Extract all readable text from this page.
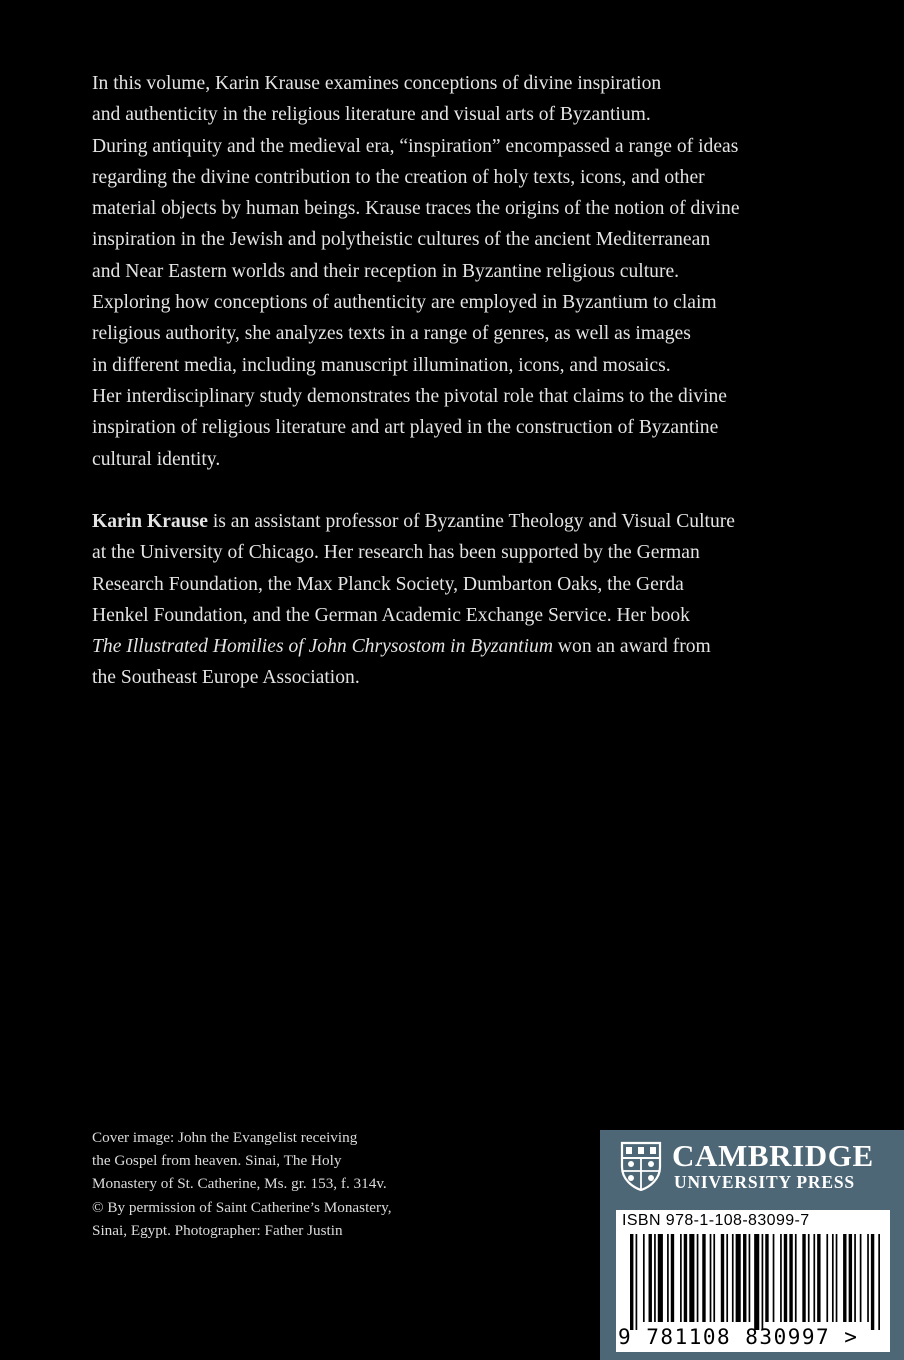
In this volume, Karin Krause examines conceptions of divine inspiration
and authenticity in the religious literature and visual arts of Byzantium.
During antiquity and the medieval era, “inspiration” encompassed a range of ideas
regarding the divine contribution to the creation of holy texts, icons, and other
material objects by human beings. Krause traces the origins of the notion of divine
inspiration in the Jewish and polytheistic cultures of the ancient Mediterranean
and Near Eastern worlds and their reception in Byzantine religious culture.
Exploring how conceptions of authenticity are employed in Byzantium to claim
religious authority, she analyzes texts in a range of genres, as well as images
in different media, including manuscript illumination, icons, and mosaics.
Her interdisciplinary study demonstrates the pivotal role that claims to the divine
inspiration of religious literature and art played in the construction of Byzantine
cultural identity.
Karin Krause is an assistant professor of Byzantine Theology and Visual Culture
at the University of Chicago. Her research has been supported by the German
Research Foundation, the Max Planck Society, Dumbarton Oaks, the Gerda
Henkel Foundation, and the German Academic Exchange Service. Her book
The Illustrated Homilies of John Chrysostom in Byzantium won an award from
the Southeast Europe Association.
Cover image: John the Evangelist receiving
the Gospel from heaven. Sinai, The Holy
Monastery of St. Catherine, Ms. gr. 153, f. 314v.
© By permission of Saint Catherine’s Monastery,
Sinai, Egypt. Photographer: Father Justin
CAMBRIDGE
UNIVERSITY PRESS
ISBN 978-1-108-83099-7
9 781108 830997 >
